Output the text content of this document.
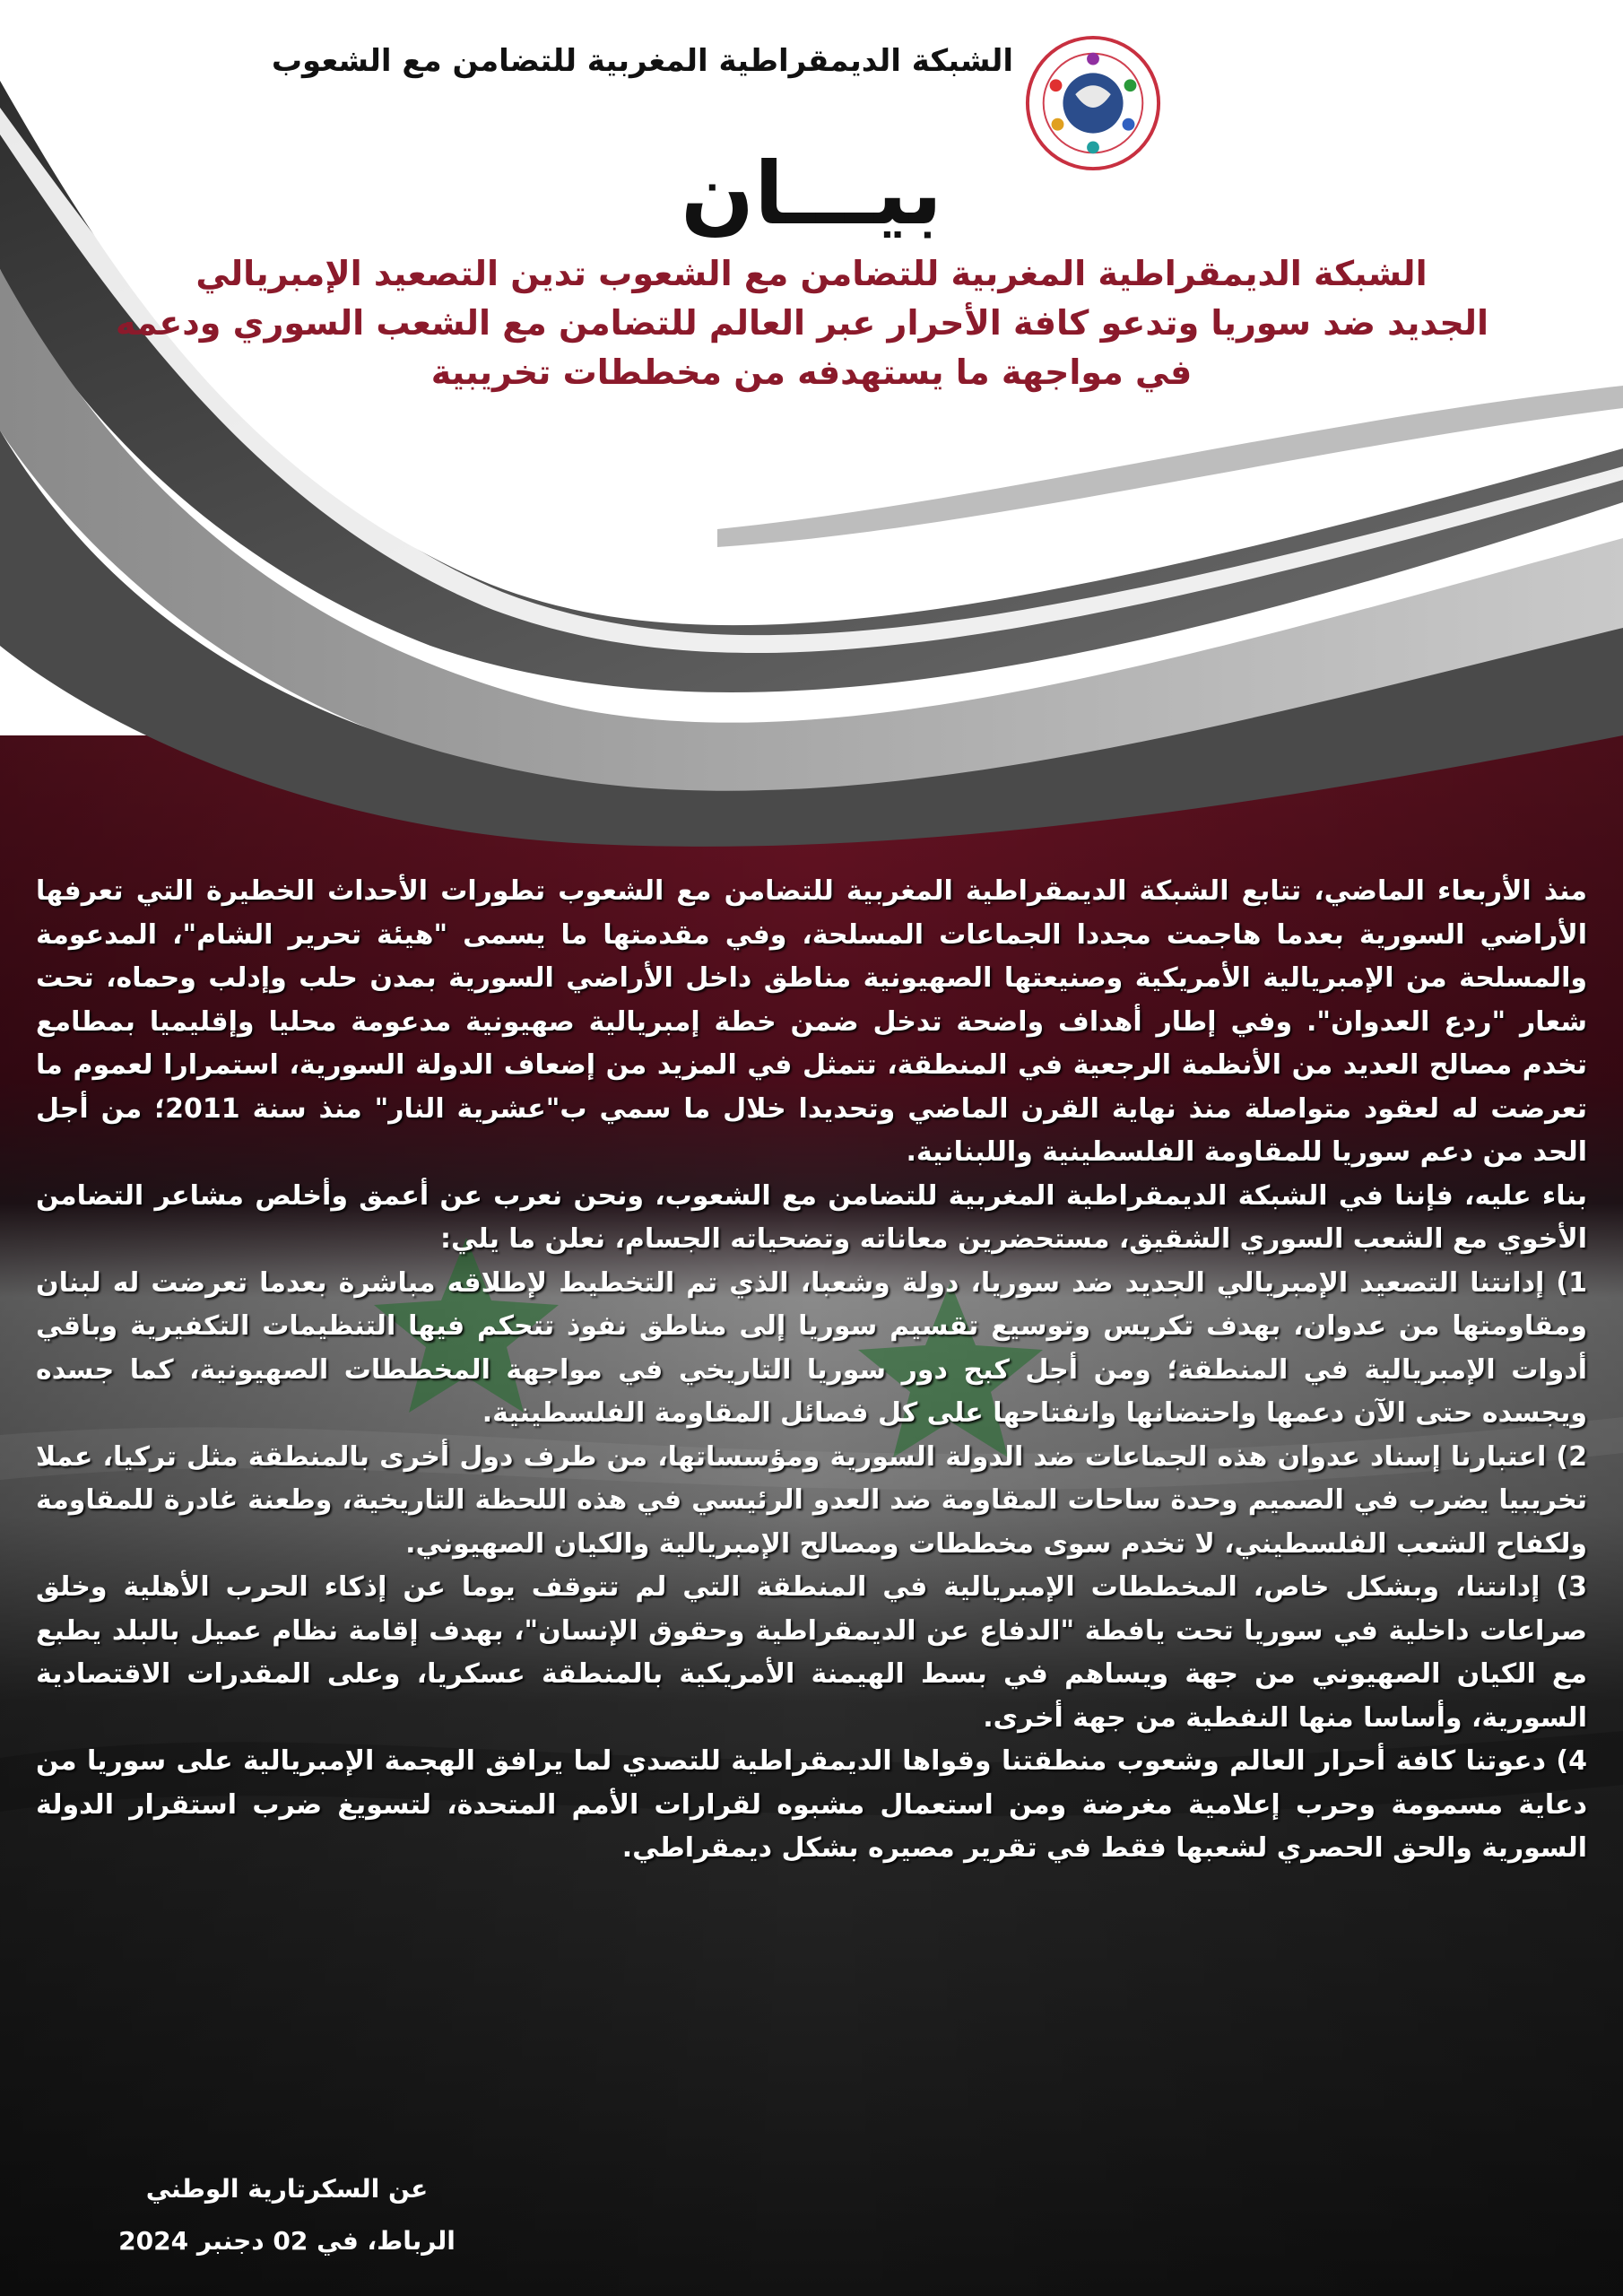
الشبكة الديمقراطية المغربية للتضامن مع الشعوب
بيـــان
الشبكة الديمقراطية المغربية للتضامن مع الشعوب تدين التصعيد الإمبريالي
الجديد ضد سوريا وتدعو كافة الأحرار عبر العالم للتضامن مع الشعب السوري ودعمه
في مواجهة ما يستهدفه من مخططات تخريبية

منذ الأربعاء الماضي، تتابع الشبكة الديمقراطية المغربية للتضامن مع الشعوب تطورات الأحداث الخطيرة التي تعرفها الأراضي السورية بعدما هاجمت مجددا الجماعات المسلحة، وفي مقدمتها ما يسمى "هيئة تحرير الشام"، المدعومة والمسلحة من الإمبريالية الأمريكية وصنيعتها الصهيونية مناطق داخل الأراضي السورية بمدن حلب وإدلب وحماه، تحت شعار "ردع العدوان". وفي إطار أهداف واضحة تدخل ضمن خطة إمبريالية صهيونية مدعومة محليا وإقليميا بمطامع تخدم مصالح العديد من الأنظمة الرجعية في المنطقة، تتمثل في المزيد من إضعاف الدولة السورية، استمرارا لعموم ما تعرضت له لعقود متواصلة منذ نهاية القرن الماضي وتحديدا خلال ما سمي ب"عشرية النار" منذ سنة 2011؛ من أجل الحد من دعم سوريا للمقاومة الفلسطينية واللبنانية.

بناء عليه، فإننا في الشبكة الديمقراطية المغربية للتضامن مع الشعوب، ونحن نعرب عن أعمق وأخلص مشاعر التضامن الأخوي مع الشعب السوري الشقيق، مستحضرين معاناته وتضحياته الجسام، نعلن ما يلي:

1) إدانتنا التصعيد الإمبريالي الجديد ضد سوريا، دولة وشعبا، الذي تم التخطيط لإطلاقه مباشرة بعدما تعرضت له لبنان ومقاومتها من عدوان، بهدف تكريس وتوسيع تقسيم سوريا إلى مناطق نفوذ تتحكم فيها التنظيمات التكفيرية وباقي أدوات الإمبريالية في المنطقة؛ ومن أجل كبح دور سوريا التاريخي في مواجهة المخططات الصهيونية، كما جسده ويجسده حتى الآن دعمها واحتضانها وانفتاحها على كل فصائل المقاومة الفلسطينية.

2) اعتبارنا إسناد عدوان هذه الجماعات ضد الدولة السورية ومؤسساتها، من طرف دول أخرى بالمنطقة مثل تركيا، عملا تخريبيا يضرب في الصميم وحدة ساحات المقاومة ضد العدو الرئيسي في هذه اللحظة التاريخية، وطعنة غادرة للمقاومة ولكفاح الشعب الفلسطيني، لا تخدم سوى مخططات ومصالح الإمبريالية والكيان الصهيوني.

3) إدانتنا، وبشكل خاص، المخططات الإمبريالية في المنطقة التي لم تتوقف يوما عن إذكاء الحرب الأهلية وخلق صراعات داخلية في سوريا تحت يافطة "الدفاع عن الديمقراطية وحقوق الإنسان"، بهدف إقامة نظام عميل بالبلد يطبع مع الكيان الصهيوني من جهة ويساهم في بسط الهيمنة الأمريكية بالمنطقة عسكريا، وعلى المقدرات الاقتصادية السورية، وأساسا منها النفطية من جهة أخرى.

4) دعوتنا كافة أحرار العالم وشعوب منطقتنا وقواها الديمقراطية للتصدي لما يرافق الهجمة الإمبريالية على سوريا من دعاية مسمومة وحرب إعلامية مغرضة ومن استعمال مشبوه لقرارات الأمم المتحدة، لتسويغ ضرب استقرار الدولة السورية والحق الحصري لشعبها فقط في تقرير مصيره بشكل ديمقراطي.

عن السكرتارية الوطني
الرباط، في 02 دجنبر 2024
